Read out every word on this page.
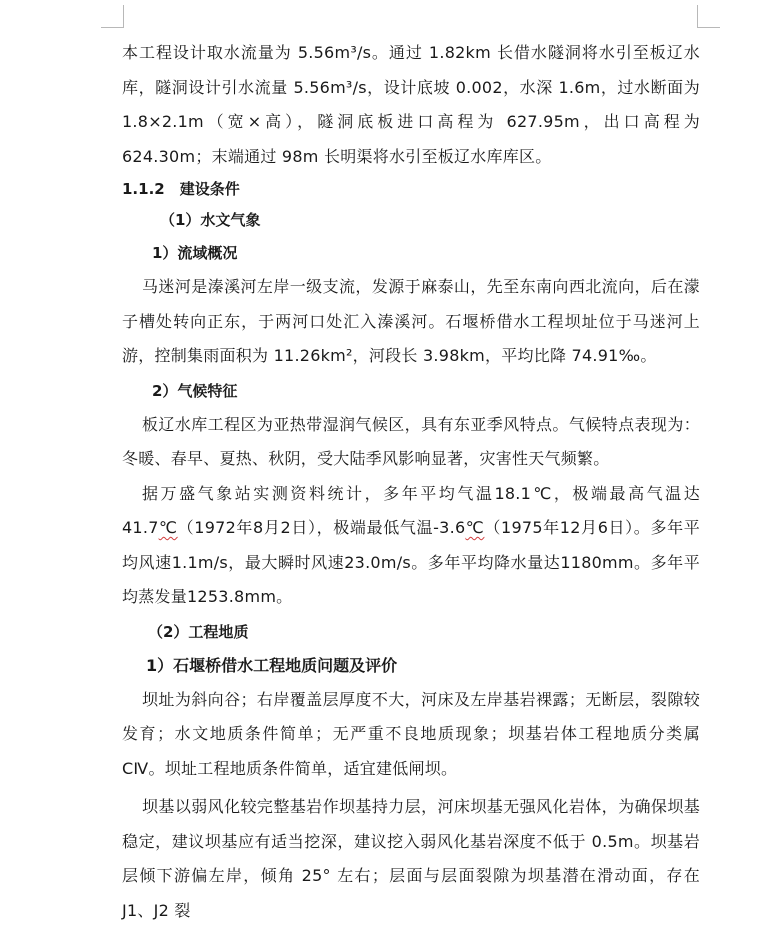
本工程设计取水流量为 5.56m³/s。通过 1.82km 长借水隧洞将水引至板辽水库，隧洞设计引水流量 5.56m³/s，设计底坡 0.002，水深 1.6m，过水断面为 1.8×2.1m（宽×高），隧洞底板进口高程为 627.95m，出口高程为 624.30m；末端通过 98m 长明渠将水引至板辽水库库区。

1.1.2　建设条件
（1）水文气象
1）流域概况

马迷河是溱溪河左岸一级支流，发源于麻泰山，先至东南向西北流向，后在濛子槽处转向正东，于两河口处汇入溱溪河。石堰桥借水工程坝址位于马迷河上游，控制集雨面积为 11.26km²，河段长 3.98km，平均比降 74.91‰。

2）气候特征

板辽水库工程区为亚热带湿润气候区，具有东亚季风特点。气候特点表现为：冬暖、春早、夏热、秋阴，受大陆季风影响显著，灾害性天气频繁。

据万盛气象站实测资料统计，多年平均气温18.1℃，极端最高气温达41.7℃（1972年8月2日），极端最低气温-3.6℃（1975年12月6日）。多年平均风速1.1m/s，最大瞬时风速23.0m/s。多年平均降水量达1180mm。多年平均蒸发量1253.8mm。

（2）工程地质
1）石堰桥借水工程地质问题及评价

坝址为斜向谷；右岸覆盖层厚度不大，河床及左岸基岩裸露；无断层，裂隙较发育；水文地质条件简单；无严重不良地质现象；坝基岩体工程地质分类属 CⅣ。坝址工程地质条件简单，适宜建低闸坝。

坝基以弱风化较完整基岩作坝基持力层，河床坝基无强风化岩体，为确保坝基稳定，建议坝基应有适当挖深，建议挖入弱风化基岩深度不低于 0.5m。坝基岩层倾下游偏左岸，倾角 25° 左右；层面与层面裂隙为坝基潜在滑动面，存在 J1、J2 裂
